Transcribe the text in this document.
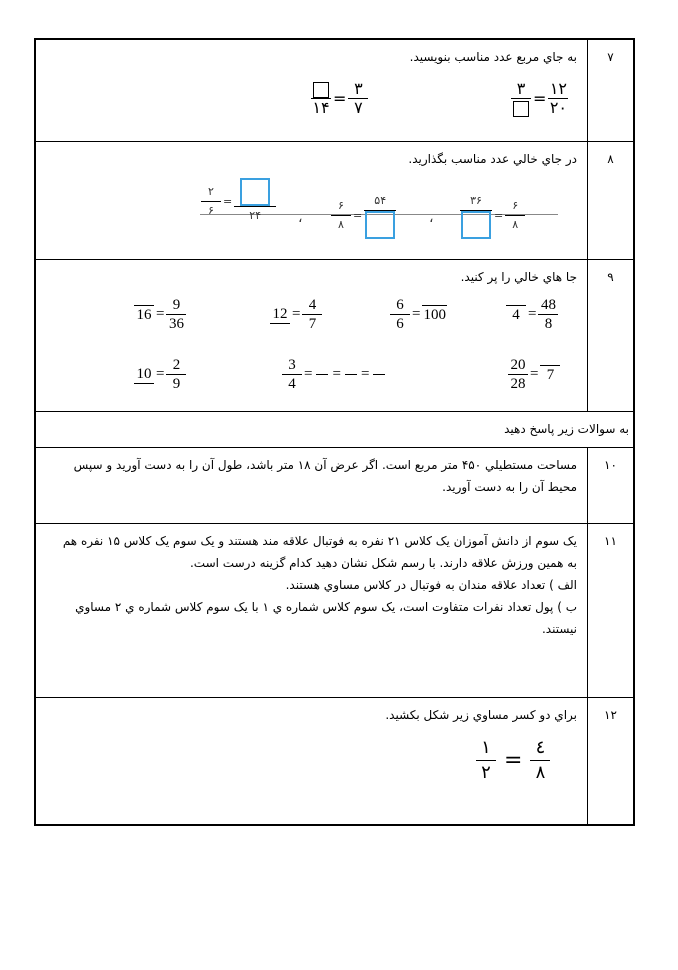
۷
به جاي مربع عدد مناسب بنويسيد.
۱۴ =
۳
۷
۳
=
۱۲
۲۰
۸
در جاي خالي عدد مناسب بگذاريد.
۲
۶
=
۲۴	،
۶
۸
=
۵۴
،
۳۶
=
۶
۸
۹
جا هاي خالي را پر کنيد.
$16 = \frac{9}{36}$	$12 = \frac{4}{7}$	$\frac{6}{6} = 100$	$4 = \frac{48}{8}$
$10 = \frac{2}{9}$	$\frac{3}{4}$ = = =	$\frac{20}{28} = 7$
به سوالات زير پاسخ دهيد
۱۰
مساحت مستطيلي ۴۵۰ متر مربع است. اگر عرض آن ۱۸ متر باشد، طول آن را به دست آوريد و سپس
محيط آن را به دست آوريد.
۱۱
يک سوم از دانش آموزان يک کلاس ۲۱ نفره به فوتبال علاقه مند هستند و يک سوم يک کلاس ۱۵ نفره هم
به همين ورزش علاقه دارند. با رسم شکل نشان دهيد کدام گزينه درست است.
الف ) تعداد علاقه مندان به فوتبال در کلاس مساوي هستند.
ب ) پول تعداد نفرات متفاوت است، يک سوم کلاس شماره ي ۱ با يک سوم کلاس شماره ي ۲ مساوي
نيستند.
۱۲
براي دو کسر مساوي زير شکل بکشيد.
۱
۲ =
٤
٨
